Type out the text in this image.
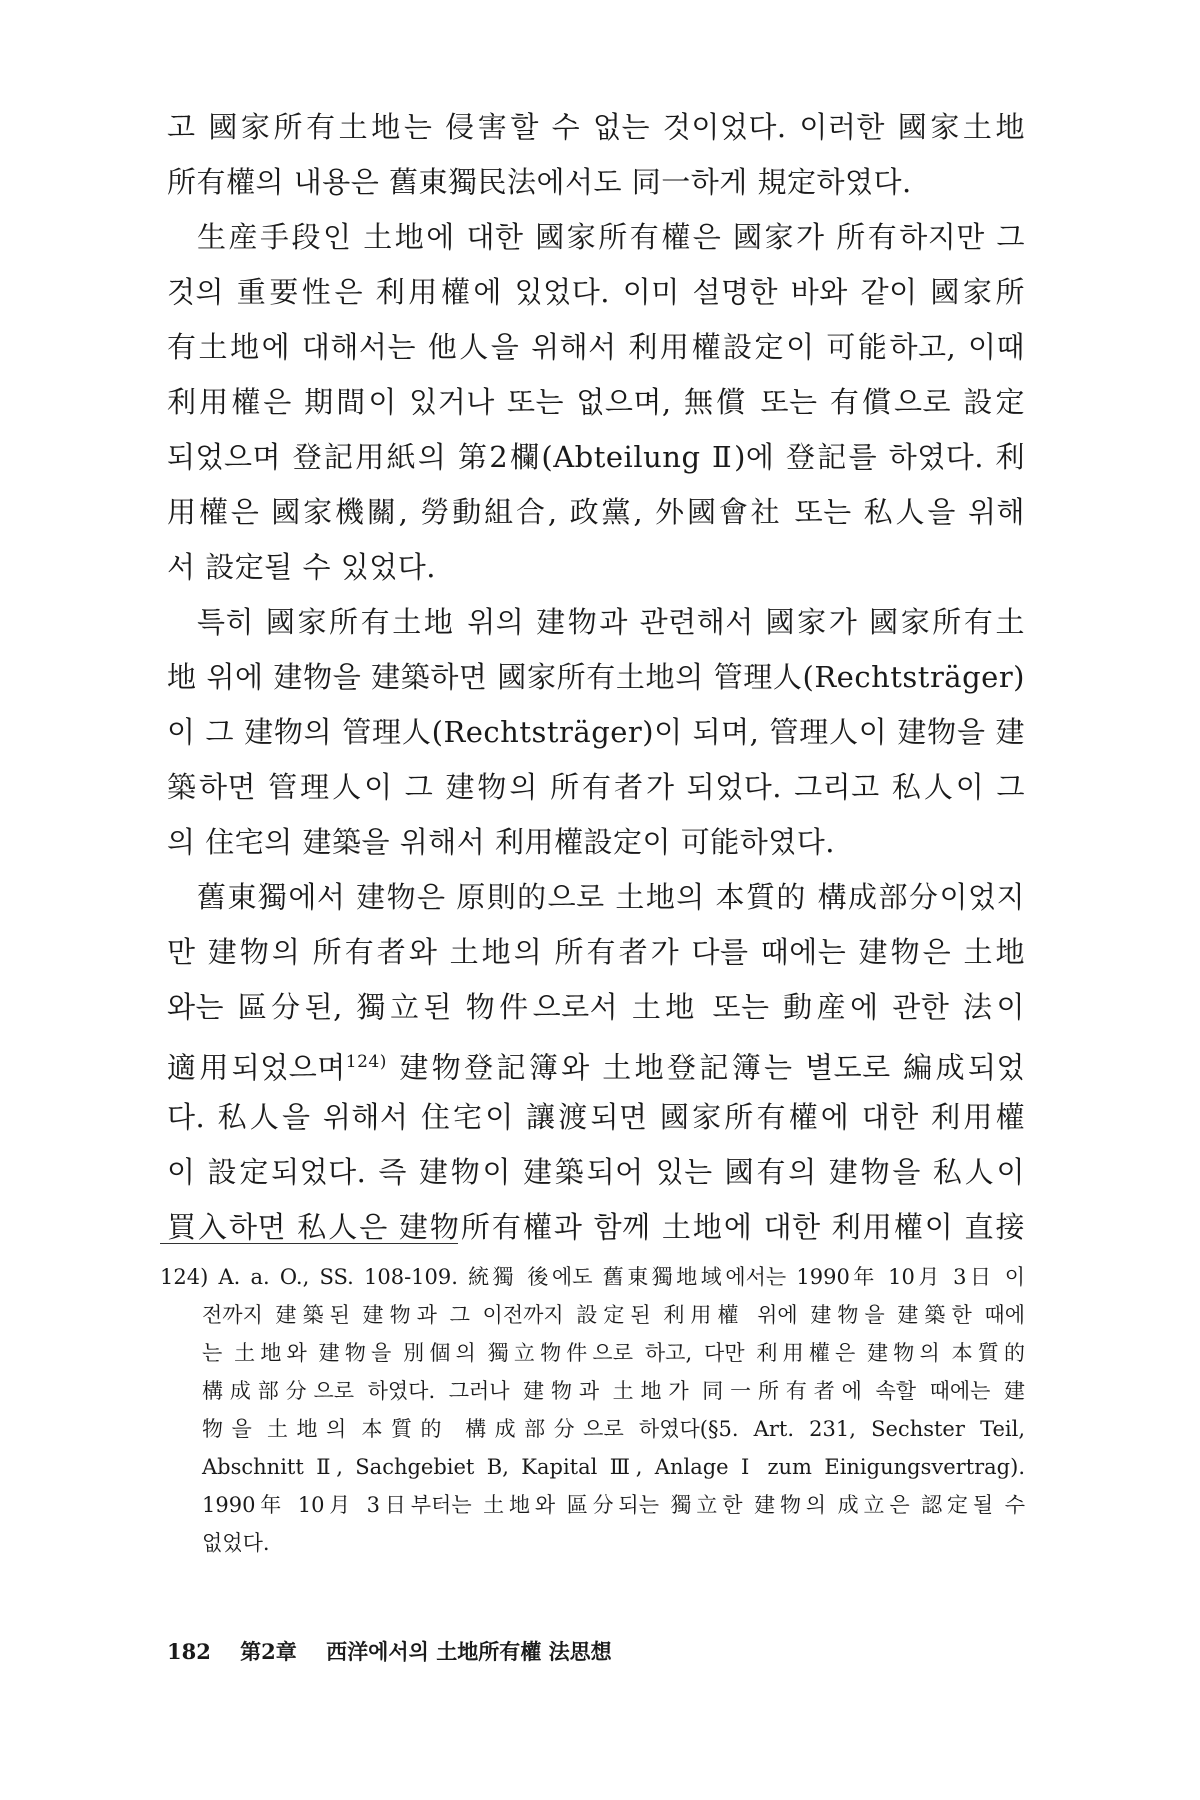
고 國家所有土地는 侵害할 수 없는 것이었다. 이러한 國家土地
所有權의 내용은 舊東獨民法에서도 同一하게 規定하였다.
生産手段인 土地에 대한 國家所有權은 國家가 所有하지만 그
것의 重要性은 利用權에 있었다. 이미 설명한 바와 같이 國家所
有土地에 대해서는 他人을 위해서 利用權設定이 可能하고, 이때
利用權은 期間이 있거나 또는 없으며, 無償 또는 有償으로 設定
되었으며 登記用紙의 第2欄(Abteilung Ⅱ)에 登記를 하였다. 利
用權은 國家機關, 勞動組合, 政黨, 外國會社 또는 私人을 위해
서 設定될 수 있었다.
특히 國家所有土地 위의 建物과 관련해서 國家가 國家所有土
地 위에 建物을 建築하면 國家所有土地의 管理人(Rechtsträger)
이 그 建物의 管理人(Rechtsträger)이 되며, 管理人이 建物을 建
築하면 管理人이 그 建物의 所有者가 되었다. 그리고 私人이 그
의 住宅의 建築을 위해서 利用權設定이 可能하였다.
舊東獨에서 建物은 原則的으로 土地의 本質的 構成部分이었지
만 建物의 所有者와 土地의 所有者가 다를 때에는 建物은 土地
와는 區分된, 獨立된 物件으로서 土地 또는 動産에 관한 法이
適用되었으며$^{124)}$ 建物登記簿와 土地登記簿는 별도로 編成되었
다. 私人을 위해서 住宅이 讓渡되면 國家所有權에 대한 利用權
이 設定되었다. 즉 建物이 建築되어 있는 國有의 建物을 私人이
買入하면 私人은 建物所有權과 함께 土地에 대한 利用權이 直接
124) A. a. O., SS. 108-109. 統獨 後에도 舊東獨地域에서는 1990年 10月 3日 이
전까지 建築된 建物과 그 이전까지 設定된 利用權 위에 建物을 建築한 때에
는 土地와 建物을 別個의 獨立物件으로 하고, 다만 利用權은 建物의 本質的
構成部分으로 하였다. 그러나 建物과 土地가 同一所有者에 속할 때에는 建
物을 土地의 本質的 構成部分으로 하였다(§5. Art. 231, Sechster Teil,
Abschnitt Ⅱ, Sachgebiet B, Kapital Ⅲ, Anlage Ⅰ zum Einigungsvertrag).
1990年 10月 3日부터는 土地와 區分되는 獨立한 建物의 成立은 認定될 수
없었다.
182 第2章 西洋에서의 土地所有權 法思想
